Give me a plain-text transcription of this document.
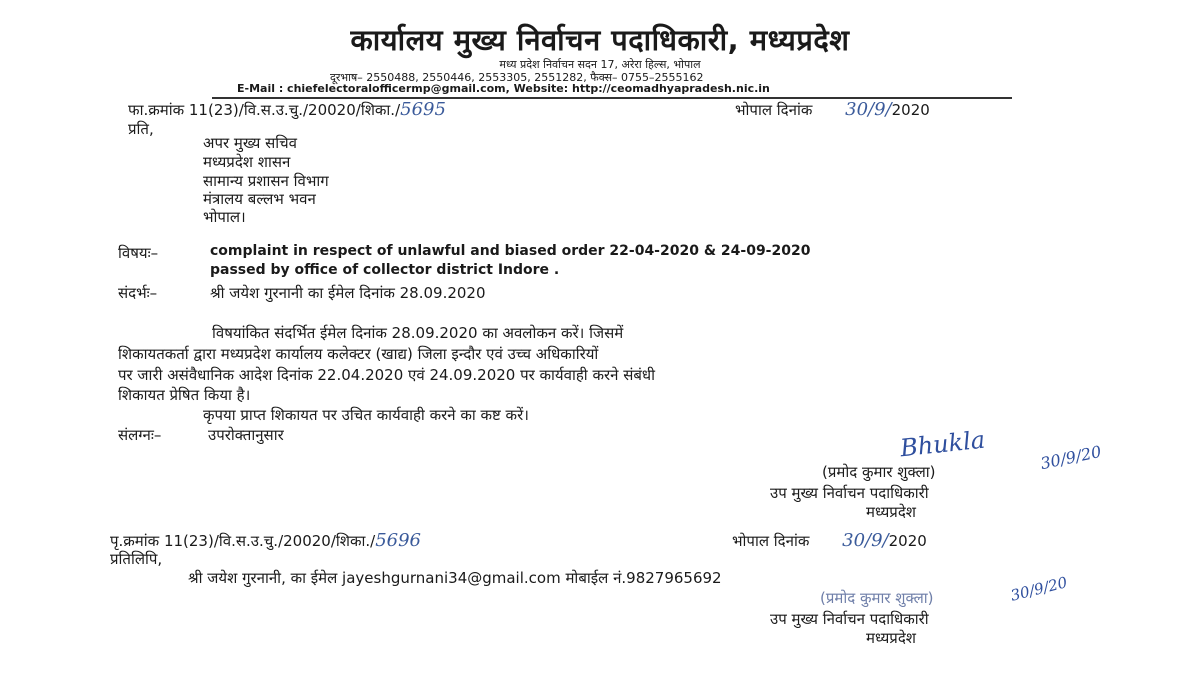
कार्यालय मुख्य निर्वाचन पदाधिकारी, मध्यप्रदेश
मध्य प्रदेश निर्वाचन सदन 17, अरेरा हिल्स, भोपाल
दूरभाष– 2550488, 2550446, 2553305, 2551282, फैक्स– 0755–2555162
E-Mail : chiefelectoralofficermp@gmail.com, Website: http://ceomadhyapradesh.nic.in
फा.क्रमांक 11(23)/वि.स.उ.चु./20020/शिका./5695	भोपाल दिनांक 30/9/2020
प्रति,
अपर मुख्य सचिव
मध्यप्रदेश शासन
सामान्य प्रशासन विभाग
मंत्रालय बल्लभ भवन
भोपाल।
विषयः–	complaint in respect of unlawful and biased order 22-04-2020 & 24-09-2020
passed by office of collector district Indore .
संदर्भः–	श्री जयेश गुरनानी का ईमेल दिनांक 28.09.2020
विषयांकित संदर्भित ईमेल दिनांक 28.09.2020 का अवलोकन करें। जिसमें
शिकायतकर्ता द्वारा मध्यप्रदेश कार्यालय कलेक्टर (खाद्य) जिला इन्दौर एवं उच्च अधिकारियों
पर जारी असंवैधानिक आदेश दिनांक 22.04.2020 एवं 24.09.2020 पर कार्यवाही करने संबंधी
शिकायत प्रेषित किया है।
कृपया प्राप्त शिकायत पर उचित कार्यवाही करने का कष्ट करें।
संलग्नः–	उपरोक्तानुसार	Bhukla	30/9/20
(प्रमोद कुमार शुक्ला)
उप मुख्य निर्वाचन पदाधिकारी
मध्यप्रदेश
पृ.क्रमांक 11(23)/वि.स.उ.चु./20020/शिका./5696	भोपाल दिनांक 30/9/2020
प्रतिलिपि,
श्री जयेश गुरनानी, का ईमेल jayeshgurnani34@gmail.com मोबाईल नं.9827965692
(प्रमोद कुमार शुक्ला)	30/9/20
उप मुख्य निर्वाचन पदाधिकारी
मध्यप्रदेश
